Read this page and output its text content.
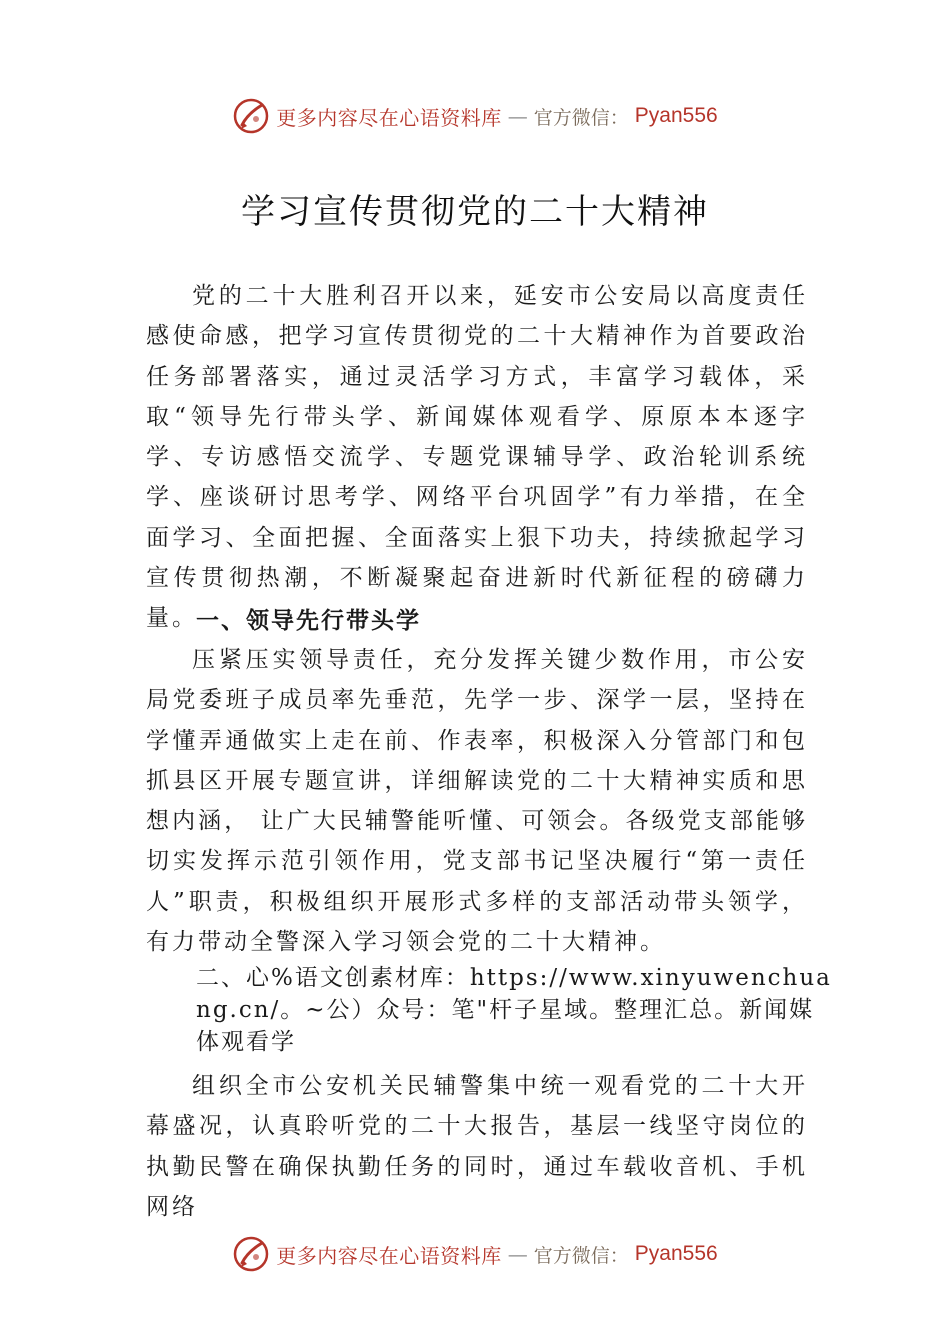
更多内容尽在心语资料库 — 官方微信： Pyan556
学习宣传贯彻党的二十大精神
党的二十大胜利召开以来，延安市公安局以高度责任感使命感，把学习宣传贯彻党的二十大精神作为首要政治任务部署落实，通过灵活学习方式，丰富学习载体，采取“领导先行带头学、新闻媒体观看学、原原本本逐字学、专访感悟交流学、专题党课辅导学、政治轮训系统学、座谈研讨思考学、网络平台巩固学”有力举措，在全面学习、全面把握、全面落实上狠下功夫，持续掀起学习宣传贯彻热潮，不断凝聚起奋进新时代新征程的磅礴力量。
一、领导先行带头学
压紧压实领导责任，充分发挥关键少数作用，市公安局党委班子成员率先垂范，先学一步、深学一层，坚持在学懂弄通做实上走在前、作表率，积极深入分管部门和包抓县区开展专题宣讲，详细解读党的二十大精神实质和思想内涵， 让广大民辅警能听懂、可领会。各级党支部能够切实发挥示范引领作用，党支部书记坚决履行“第一责任人”职责，积极组织开展形式多样的支部活动带头领学，有力带动全警深入学习领会党的二十大精神。
二、心%语文创素材库：https://www.xinyuwenchuang.cn/。~公）众号：笔"杆子星域。整理汇总。新闻媒体观看学
组织全市公安机关民辅警集中统一观看党的二十大开幕盛况，认真聆听党的二十大报告，基层一线坚守岗位的执勤民警在确保执勤任务的同时，通过车载收音机、手机网络
更多内容尽在心语资料库 — 官方微信： Pyan556
